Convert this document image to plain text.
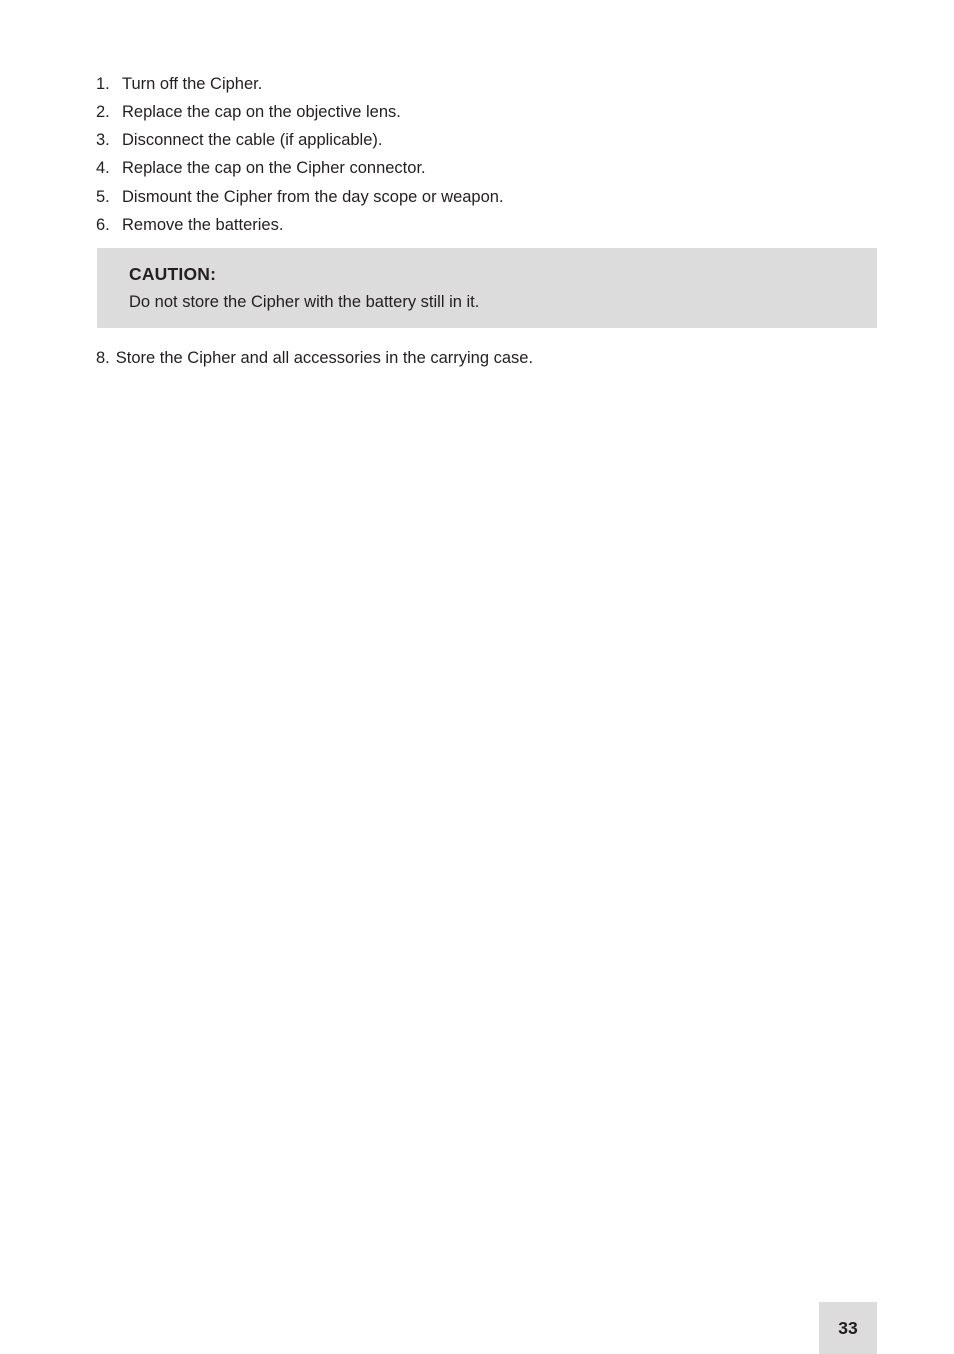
1. Turn off the Cipher.
2. Replace the cap on the objective lens.
3. Disconnect the cable (if applicable).
4. Replace the cap on the Cipher connector.
5. Dismount the Cipher from the day scope or weapon.
6. Remove the batteries.
CAUTION:
Do not store the Cipher with the battery still in it.
8. Store the Cipher and all accessories in the carrying case.
33
